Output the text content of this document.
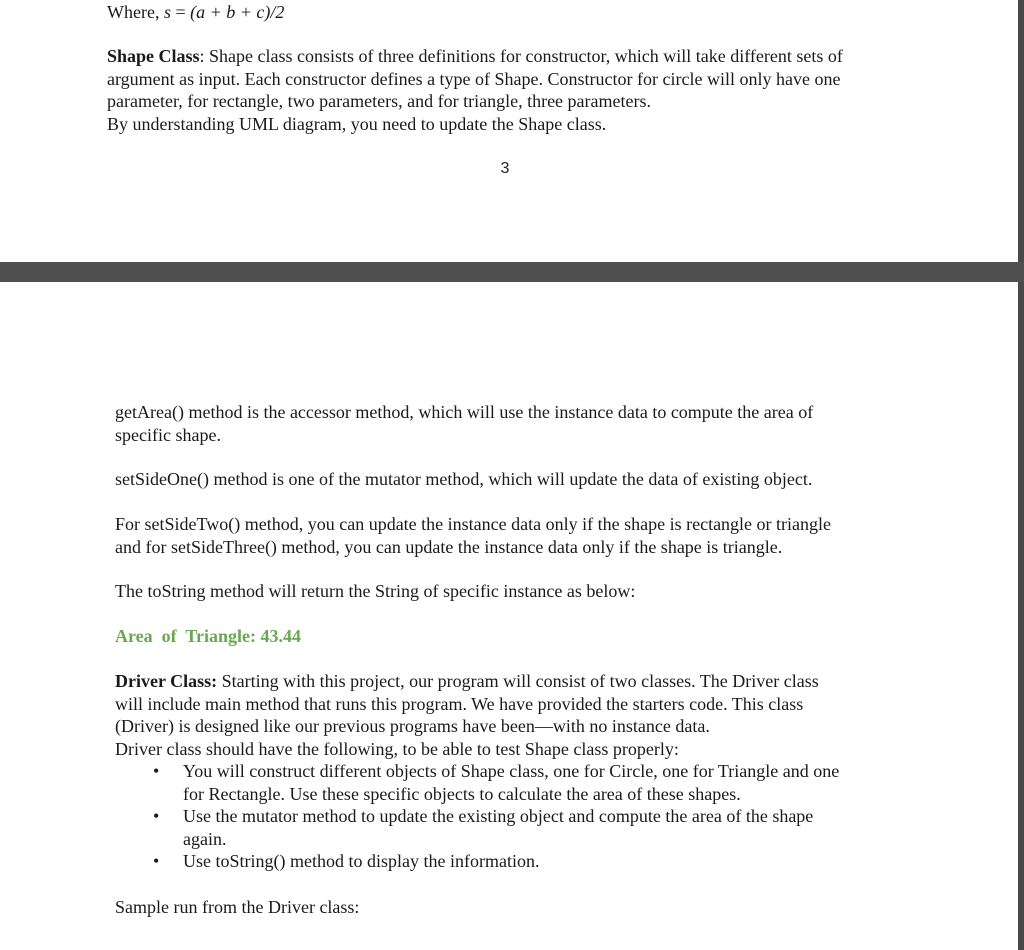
Where, s = (a + b + c)/2

Shape Class: Shape class consists of three definitions for constructor, which will take different sets of

argument as input. Each constructor defines a type of Shape. Constructor for circle will only have one

parameter, for rectangle, two parameters, and for triangle, three parameters.

By understanding UML diagram, you need to update the Shape class.

3

getArea() method is the accessor method, which will use the instance data to compute the area of

specific shape.

setSideOne() method is one of the mutator method, which will update the data of existing object.

For setSideTwo() method, you can update the instance data only if the shape is rectangle or triangle

and for setSideThree() method, you can update the instance data only if the shape is triangle.

The toString method will return the String of specific instance as below:

Area  of  Triangle: 43.44

Driver Class: Starting with this project, our program will consist of two classes. The Driver class

will include main method that runs this program. We have provided the starters code. This class

(Driver) is designed like our previous programs have been—with no instance data.

Driver class should have the following, to be able to test Shape class properly:

• You will construct different objects of Shape class, one for Circle, one for Triangle and one
for Rectangle. Use these specific objects to calculate the area of these shapes.
• Use the mutator method to update the existing object and compute the area of the shape
again.
• Use toString() method to display the information.

Sample run from the Driver class:
